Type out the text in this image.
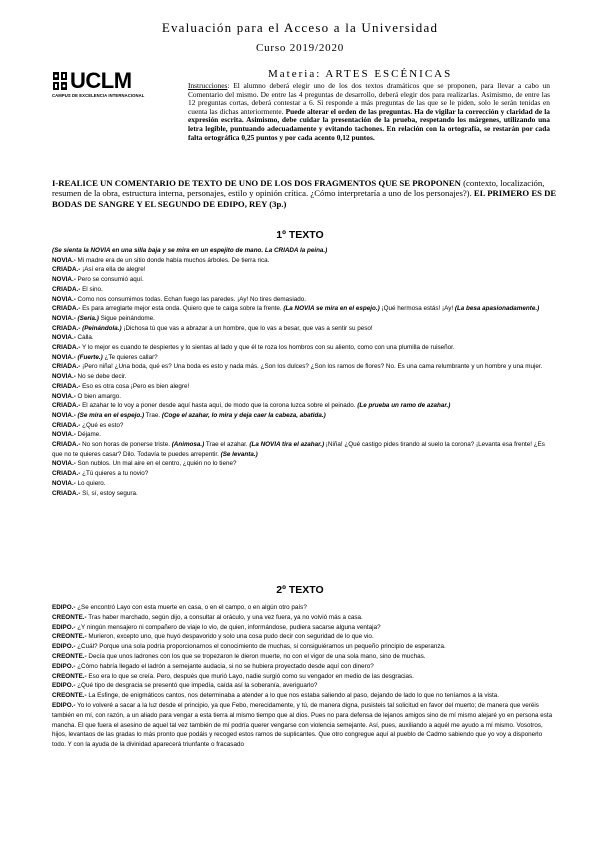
Evaluación para el Acceso a la Universidad
Curso 2019/2020
UCLM
CAMPUS DE EXCELENCIA INTERNACIONAL
Materia: ARTES ESCÉNICAS
Instrucciones: El alumno deberá elegir uno de los dos textos dramáticos que se proponen, para llevar a cabo un Comentario del mismo. De entre las 4 preguntas de desarrollo, deberá elegir dos para realizarlas. Asimismo, de entre las 12 preguntas cortas, deberá contestar a 6. Si responde a más preguntas de las que se le piden, solo le serán tenidas en cuenta las dichas anteriormente. Puede alterar el orden de las preguntas. Ha de vigilar la corrección y claridad de la expresión escrita. Asimismo, debe cuidar la presentación de la prueba, respetando los márgenes, utilizando una letra legible, puntuando adecuadamente y evitando tachones. En relación con la ortografía, se restarán por cada falta ortográfica 0,25 puntos y por cada acento 0,12 puntos.
I-REALICE UN COMENTARIO DE TEXTO DE UNO DE LOS DOS FRAGMENTOS QUE SE PROPONEN (contexto, localización, resumen de la obra, estructura interna, personajes, estilo y opinión crítica. ¿Cómo interpretaría a uno de los personajes?). EL PRIMERO ES DE BODAS DE SANGRE Y EL SEGUNDO DE EDIPO, REY (3p.)
1º TEXTO

(Se sienta la NOVIA en una silla baja y se mira en un espejito de mano. La CRIADA la peina.)

NOVIA.- Mi madre era de un sitio donde había muchos árboles. De tierra rica.

CRIADA.- ¡Así era ella de alegre!

NOVIA.- Pero se consumió aquí.

CRIADA.- El sino.

NOVIA.- Como nos consumimos todas. Echan fuego las paredes. ¡Ay! No tires demasiado.

CRIADA.- Es para arreglarte mejor esta onda. Quiero que te caiga sobre la frente. (La NOVIA se mira en el espejo.) ¡Qué hermosa estás! ¡Ay! (La besa apasionadamente.)

NOVIA.- (Seria.) Sigue peinándome.

CRIADA.- (Peinándola.) ¡Dichosa tú que vas a abrazar a un hombre, que lo vas a besar, que vas a sentir su peso!

NOVIA.- Calla.

CRIADA.- Y lo mejor es cuando te despiertes y lo sientas al lado y que él te roza los hombros con su aliento, como con una plumilla de ruiseñor.

NOVIA.- (Fuerte.) ¿Te quieres callar?

CRIADA.- ¡Pero niña! ¿Una boda, qué es? Una boda es esto y nada más. ¿Son los dulces? ¿Son los ramos de flores? No. Es una cama relumbrante y un hombre y una mujer.

NOVIA.- No se debe decir.

CRIADA.- Eso es otra cosa ¡Pero es bien alegre!

NOVIA.- O bien amargo.

CRIADA.- El azahar te lo voy a poner desde aquí hasta aquí, de modo que la corona luzca sobre el peinado. (Le prueba un ramo de azahar.)

NOVIA.- (Se mira en el espejo.) Trae. (Coge el azahar, lo mira y deja caer la cabeza, abatida.)

CRIADA.- ¿Qué es esto?

NOVIA.- Déjame.

CRIADA.- No son horas de ponerse triste. (Animosa.) Trae el azahar. (La NOVIA tira el azahar.) ¡Niña! ¿Qué castigo pides tirando al suelo la corona? ¡Levanta esa frente! ¿Es que no te quieres casar? Dilo. Todavía te puedes arrepentir. (Se levanta.)

NOVIA.- Son nublos. Un mal aire en el centro, ¿quién no lo tiene?

CRIADA.- ¿Tú quieres a tu novio?

NOVIA.- Lo quiero.

CRIADA.- Sí, sí, estoy segura.

2º TEXTO

EDIPO.- ¿Se encontró Layo con esta muerte en casa, o en el campo, o en algún otro país?

CREONTE.- Tras haber marchado, según dijo, a consultar al oráculo, y una vez fuera, ya no volvió más a casa.

EDIPO.- ¿Y ningún mensajero ni compañero de viaje lo vio, de quien, informándose, pudiera sacarse alguna ventaja?

CREONTE.- Murieron, excepto uno, que huyó despavorido y solo una cosa pudo decir con seguridad de lo que vio.

EDIPO.- ¿Cuál? Porque una sola podría proporcionarnos el conocimiento de muchas, si consiguiéramos un pequeño principio de esperanza.

CREONTE.- Decía que unos ladrones con los que se tropezaron le dieron muerte, no con el vigor de una sola mano, sino de muchas.

EDIPO.- ¿Cómo habría llegado el ladrón a semejante audacia, si no se hubiera proyectado desde aquí con dinero?

CREONTE.- Eso era lo que se creía. Pero, después que murió Layo, nadie surgió como su vengador en medio de las desgracias.

EDIPO.- ¿Qué tipo de desgracia se presentó que impedía, caída así la soberanía, averiguarlo?

CREONTE.- La Esfinge, de enigmáticos cantos, nos determinaba a atender a lo que nos estaba saliendo al paso, dejando de lado lo que no teníamos a la vista.

EDIPO.- Yo lo volveré a sacar a la luz desde el principio, ya que Febo, merecidamente, y tú, de manera digna, pusisteis tal solicitud en favor del muerto; de manera que veréis también en mí, con razón, a un aliado para vengar a esta tierra al mismo tiempo que al dios. Pues no para defensa de lejanos amigos sino de mí mismo alejaré yo en persona esta mancha. El que fuera el asesino de aquel tal vez también de mí podría querer vengarse con violencia semejante. Así, pues, auxiliando a aquél me ayudo a mí mismo. Vosotros, hijos, levantaos de las gradas lo más pronto que podáis y recoged estos ramos de suplicantes. Que otro congregue aquí al pueblo de Cadmo sabiendo que yo voy a disponerlo todo. Y con la ayuda de la divinidad aparecerá triunfante o fracasado
